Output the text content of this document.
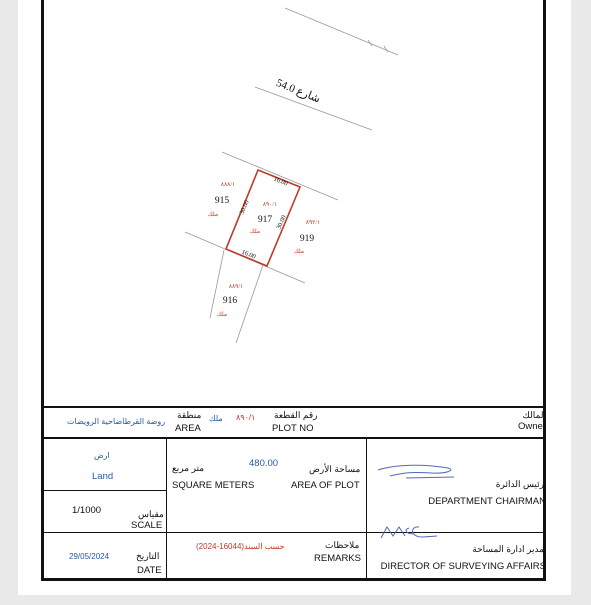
شارع 54.0
16.00
16.00
30.00
30.00
٨٨٨/١
915
ملك
٨٩٠/١
917
ملك
٨٩٢/١
919
ملك
٨٨٩/١
916
ملك
المالك
Owner
رقم القطعة
PLOT NO
٨٩٠/١
ملك
منطقة
AREA
روضة القرطاضاحية الرويضات
ارض
Land
متر مربع
SQUARE METERS
480.00	مساحة الأرض
AREA OF PLOT	رئيس الدائرة
DEPARTMENT CHAIRMAN
1/1000	مقياس
SCALE
29/05/2024	التاريخ
DATE
حسب السند(16044-2024)	ملاحظات
REMARKS
مدير ادارة المساحة
DIRECTOR OF SURVEYING AFFAIRS
